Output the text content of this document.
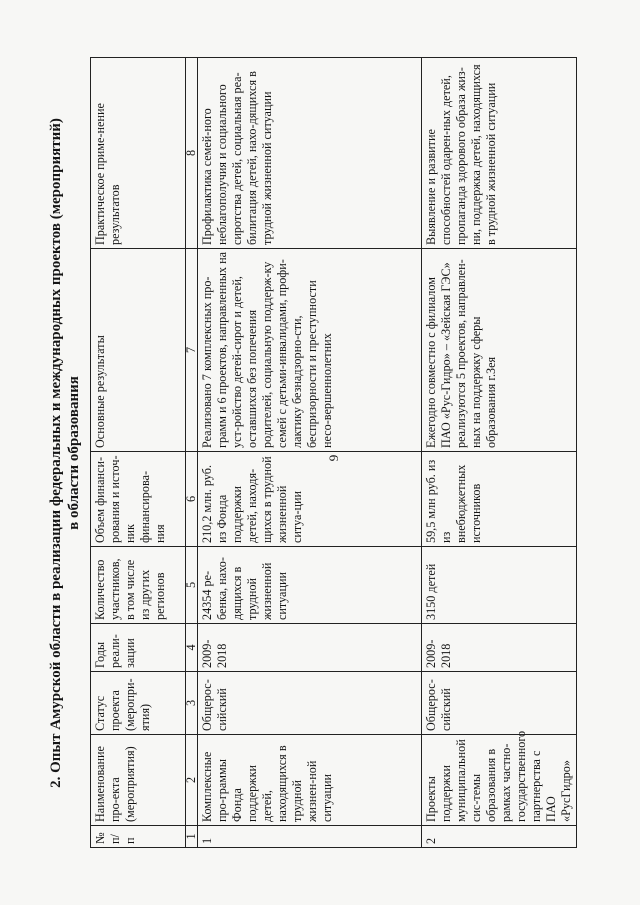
9
2. Опыт Амурской области в реализации федеральных и международных проектов (мероприятий) в области образования
№ п/п	Наименование про-екта (мероприятия)	Статус проекта (меропри-ятия)	Годы реали-зации	Количество участников, в том числе из других регионов	Объем финанси-рования и источ-ник финансирова-ния	Основные результаты	Практическое приме-нение результатов
1	2	3	4	5	6	7	8
1	Комплексные про-граммы Фонда поддержки детей, находящихся в трудной жизнен-ной ситуации	Общерос-сийский	2009-2018	24354 ре-бенка, нахо-дящихся в трудной жизненной ситуации	210,2 млн. руб. из Фонда поддержки детей, находя-щихся в трудной жизненной ситуа-ции	Реализовано 7 комплексных про-грамм и 6 проектов, направленных на уст-ройство детей-сирот и детей, оставшихся без попечения родителей, социальную поддерж-ку семей с детьми-инвалидами, профи-лактику безнадзорно-сти, беспризорности и преступности несо-вершеннолетних	Профилактика семей-ного неблагополучия и социального сиротства детей, социальная реа-билитация детей, нахо-дящихся в трудной жизненной ситуации
2	Проекты поддержки муниципальной сис-темы образования в рамках частно-государственного партнерства с ПАО «РусГидро»	Общерос-сийский	2009-2018	3150 детей	59,5 млн руб. из из внебюджетных источников	Ежегодно совместно с филиалом ПАО «Рус-Гидро» – «Зейская ГЭС» реализуются 5 проектов, направлен-ных на поддержку сферы образования г.Зея	Выявление и развитие способностей одарен-ных детей, пропаганда здорового образа жиз-ни, поддержка детей, находящихся в трудной жизненной ситуации
